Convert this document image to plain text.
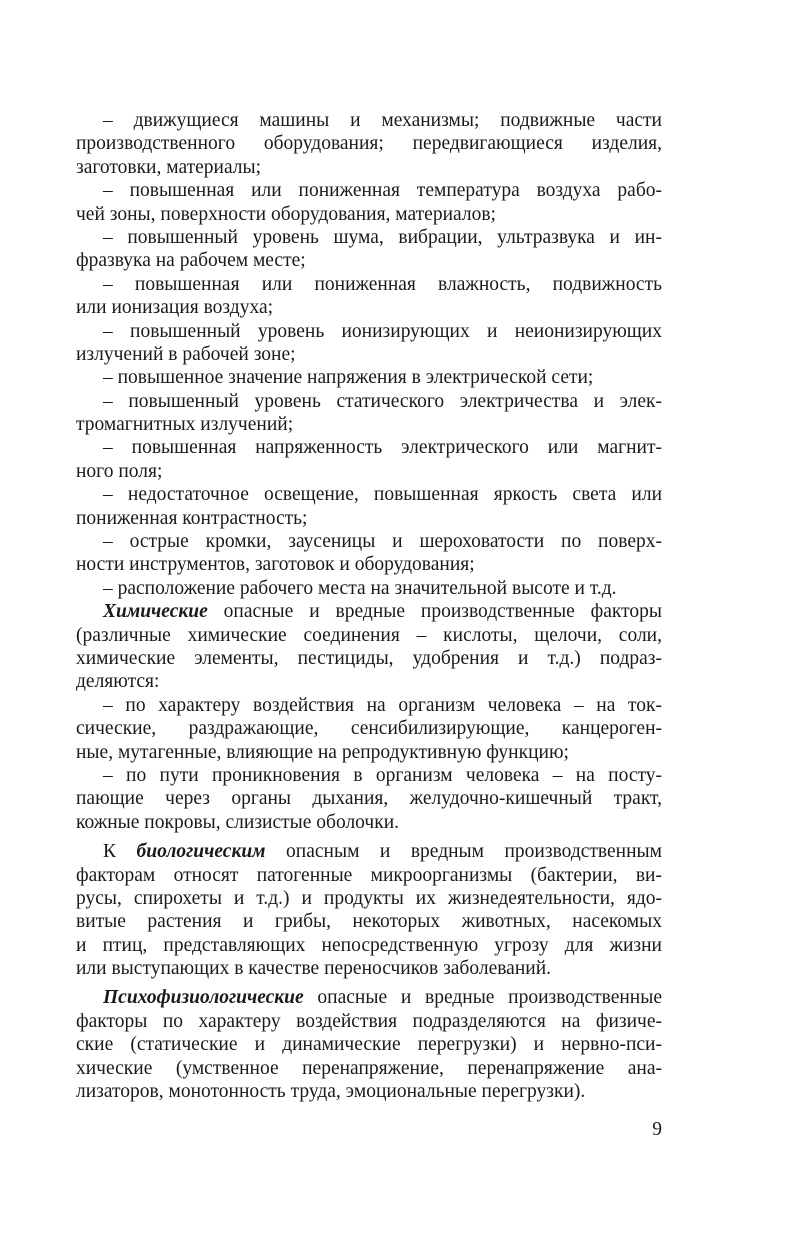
– движущиеся машины и механизмы; подвижные части
производственного оборудования; передвигающиеся изделия,
заготовки, материалы;
– повышенная или пониженная температура воздуха рабо-
чей зоны, поверхности оборудования, материалов;
– повышенный уровень шума, вибрации, ультразвука и ин-
фразвука на рабочем месте;
– повышенная или пониженная влажность, подвижность
или ионизация воздуха;
– повышенный уровень ионизирующих и неионизирующих
излучений в рабочей зоне;
– повышенное значение напряжения в электрической сети;
– повышенный уровень статического электричества и элек-
тромагнитных излучений;
– повышенная напряженность электрического или магнит-
ного поля;
– недостаточное освещение, повышенная яркость света или
пониженная контрастность;
– острые кромки, заусеницы и шероховатости по поверх-
ности инструментов, заготовок и оборудования;
– расположение рабочего места на значительной высоте и т.д.
Химические опасные и вредные производственные факторы
(различные химические соединения – кислоты, щелочи, соли,
химические элементы, пестициды, удобрения и т.д.) подраз-
деляются:
– по характеру воздействия на организм человека – на ток-
сические, раздражающие, сенсибилизирующие, канцероген-
ные, мутагенные, влияющие на репродуктивную функцию;
– по пути проникновения в организм человека – на посту-
пающие через органы дыхания, желудочно-кишечный тракт,
кожные покровы, слизистые оболочки.
К биологическим опасным и вредным производственным
факторам относят патогенные микроорганизмы (бактерии, ви-
русы, спирохеты и т.д.) и продукты их жизнедеятельности, ядо-
витые растения и грибы, некоторых животных, насекомых
и птиц, представляющих непосредственную угрозу для жизни
или выступающих в качестве переносчиков заболеваний.
Психофизиологические опасные и вредные производственные
факторы по характеру воздействия подразделяются на физиче-
ские (статические и динамические перегрузки) и нервно-пси-
хические (умственное перенапряжение, перенапряжение ана-
лизаторов, монотонность труда, эмоциональные перегрузки).
9
